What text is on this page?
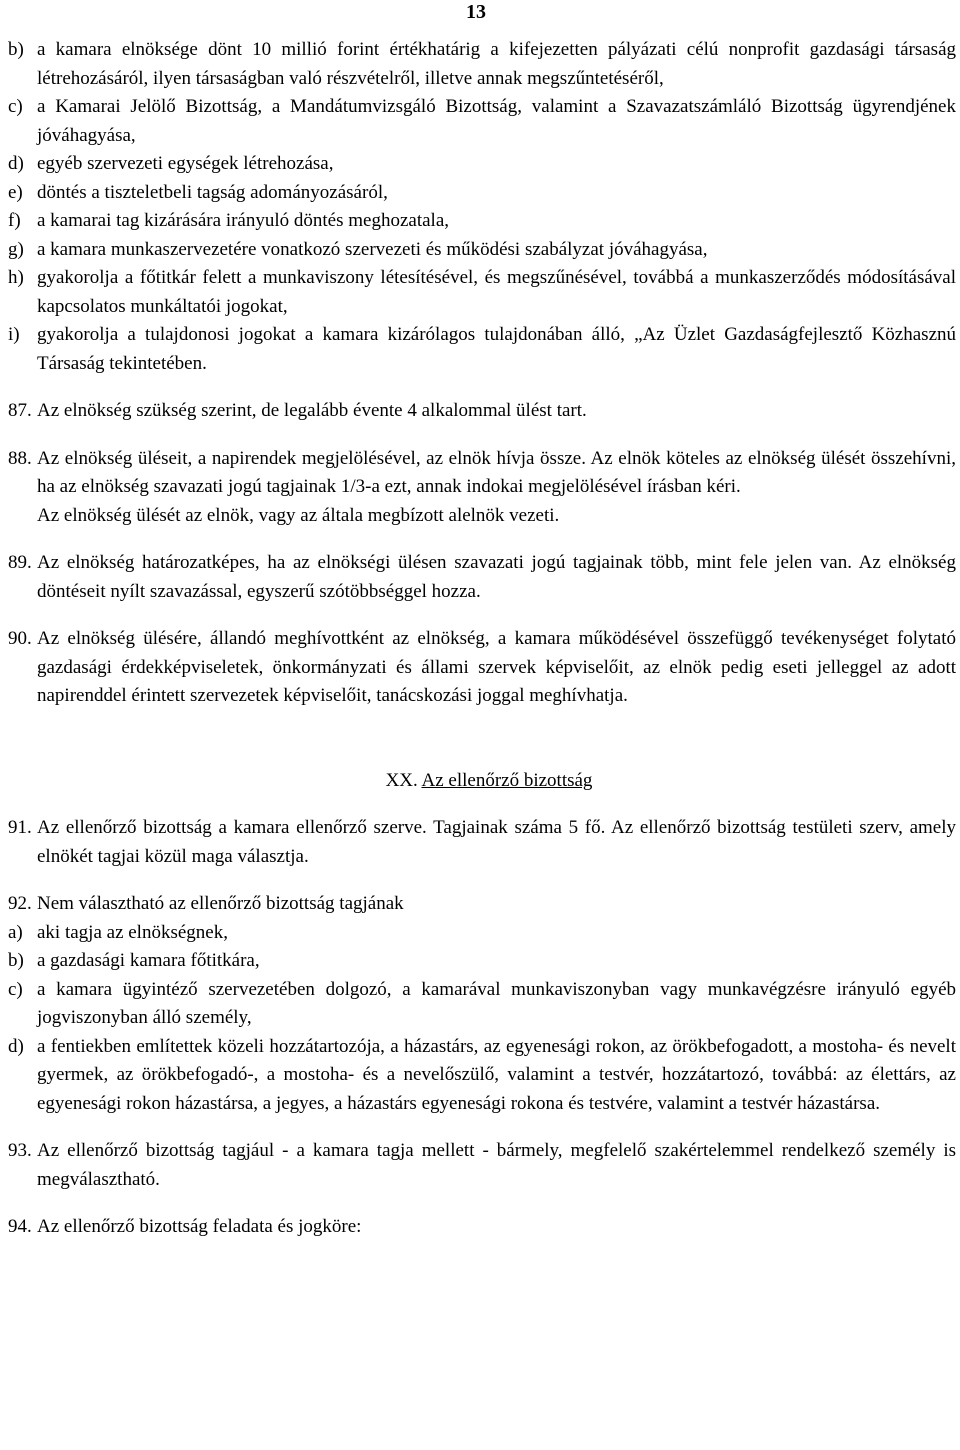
13
b) a kamara elnöksége dönt 10 millió forint értékhatárig a kifejezetten pályázati célú nonprofit gazdasági társaság létrehozásáról, ilyen társaságban való részvételről, illetve annak megszűntetéséről,
c) a Kamarai Jelölő Bizottság, a Mandátumvizsgáló Bizottság, valamint a Szavazatszámláló Bizottság ügyrendjének jóváhagyása,
d) egyéb szervezeti egységek létrehozása,
e) döntés a tiszteletbeli tagság adományozásáról,
f) a kamarai tag kizárására irányuló döntés meghozatala,
g) a kamara munkaszervezetére vonatkozó szervezeti és működési szabályzat jóváhagyása,
h) gyakorolja a főtitkár felett a munkaviszony létesítésével, és megszűnésével, továbbá a munkaszerződés módosításával kapcsolatos munkáltatói jogokat,
i) gyakorolja a tulajdonosi jogokat a kamara kizárólagos tulajdonában álló, „Az Üzlet Gazdaságfejlesztő Közhasznú Társaság tekintetében.
87. Az elnökség szükség szerint, de legalább évente 4 alkalommal ülést tart.
88. Az elnökség üléseit, a napirendek megjelölésével, az elnök hívja össze. Az elnök köteles az elnökség ülését összehívni, ha az elnökség szavazati jogú tagjainak 1/3-a ezt, annak indokai megjelölésével írásban kéri.
Az elnökség ülését az elnök, vagy az általa megbízott alelnök vezeti.
89. Az elnökség határozatképes, ha az elnökségi ülésen szavazati jogú tagjainak több, mint fele jelen van. Az elnökség döntéseit nyílt szavazással, egyszerű szótöbbséggel hozza.
90. Az elnökség ülésére, állandó meghívottként az elnökség, a kamara működésével összefüggő tevékenységet folytató gazdasági érdekképviseletek, önkormányzati és állami szervek képviselőit, az elnök pedig eseti jelleggel az adott napirenddel érintett szervezetek képviselőit, tanácskozási joggal meghívhatja.
XX. Az ellenőrző bizottság
91. Az ellenőrző bizottság a kamara ellenőrző szerve. Tagjainak száma 5 fő. Az ellenőrző bizottság testületi szerv, amely elnökét tagjai közül maga választja.
92. Nem választható az ellenőrző bizottság tagjának
a) aki tagja az elnökségnek,
b) a gazdasági kamara főtitkára,
c) a kamara ügyintéző szervezetében dolgozó, a kamarával munkaviszonyban vagy munkavégzésre irányuló egyéb jogviszonyban álló személy,
d) a fentiekben említettek közeli hozzátartozója, a házastárs, az egyenesági rokon, az örökbefogadott, a mostoha- és nevelt gyermek, az örökbefogadó-, a mostoha- és a nevelőszülő, valamint a testvér, hozzátartozó, továbbá: az élettárs, az egyenesági rokon házastársa, a jegyes, a házastárs egyenesági rokona és testvére, valamint a testvér házastársa.
93. Az ellenőrző bizottság tagjául - a kamara tagja mellett - bármely, megfelelő szakértelemmel rendelkező személy is megválasztható.
94. Az ellenőrző bizottság feladata és jogköre:
